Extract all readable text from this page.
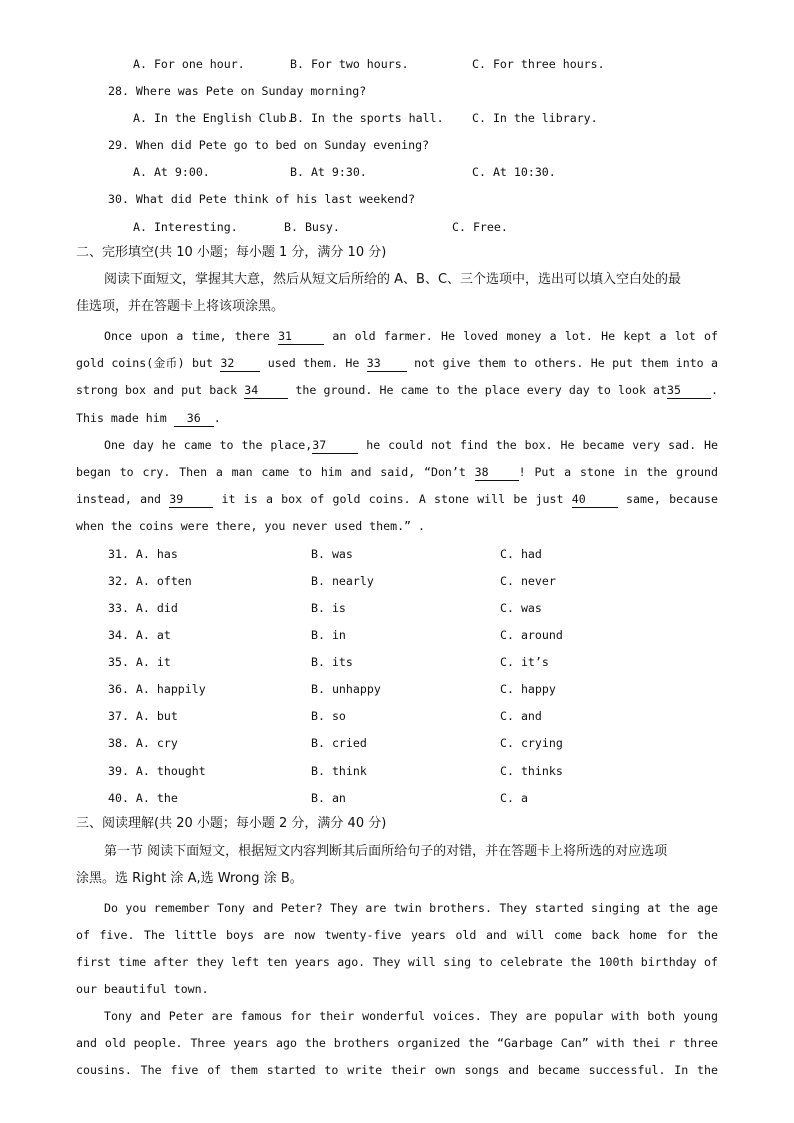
A. For one hour.	B. For two hours.	C. For three hours.
28. Where was Pete on Sunday morning?
A. In the English Club.
B. In the sports hall. C. In the library.
29. When did Pete go to bed on Sunday evening?
A. At 9:00.	B. At 9:30.	C. At 10:30.
30. What did Pete think of his last weekend?
A. Interesting.	B. Busy.	C. Free.
二、完形填空(共 10 小题；每小题 1 分，满分 10 分)
阅读下面短文，掌握其大意，然后从短文后所给的 A、B、C、三个选项中，选出可以填入空白处的最
佳选项，并在答题卡上将该项涂黑。
Once upon a time, there 31	an old farmer. He loved money a lot. He kept a lot of
gold coins(金币) but 32	used them. He 33	not give them to others. He put them into a
strong box and put back 34	the ground. He came to the place every day to look at35	.
This made him 36 .
One day he came to the place,37	he could not find the box. He became very sad. He
began to cry. Then a man came to him and said, “Don’t 38	! Put a stone in the ground
instead, and 39	it is a box of gold coins. A stone will be just 40	same, because
when the coins were there, you never used them.” .
31. A. has	B. was	C. had
32. A. often	B. nearly	C. never
33. A. did	B. is	C. was
34. A. at	B. in	C. around
35. A. it	B. its	C. it’s
36. A. happily	B. unhappy	C. happy
37. A. but	B. so	C. and
38. A. cry	B. cried	C. crying
39. A. thought	B. think	C. thinks
40. A. the	B. an	C. a
三、阅读理解(共 20 小题；每小题 2 分，满分 40 分)
第一节 阅读下面短文，根据短文内容判断其后面所给句子的对错，并在答题卡上将所选的对应选项
涂黑。选 Right 涂 A,选 Wrong 涂 B。
Do you remember Tony and Peter? They are twin brothers. They started singing at the age
of five. The little boys are now twenty-five years old and will come back home for the
first time after they left ten years ago. They will sing to celebrate the 100th birthday of
our beautiful town.
Tony and Peter are famous for their wonderful voices. They are popular with both young
and old people. Three years ago the brothers organized the “Garbage Can” with thei r three
cousins. The five of them started to write their own songs and became successful. In the
